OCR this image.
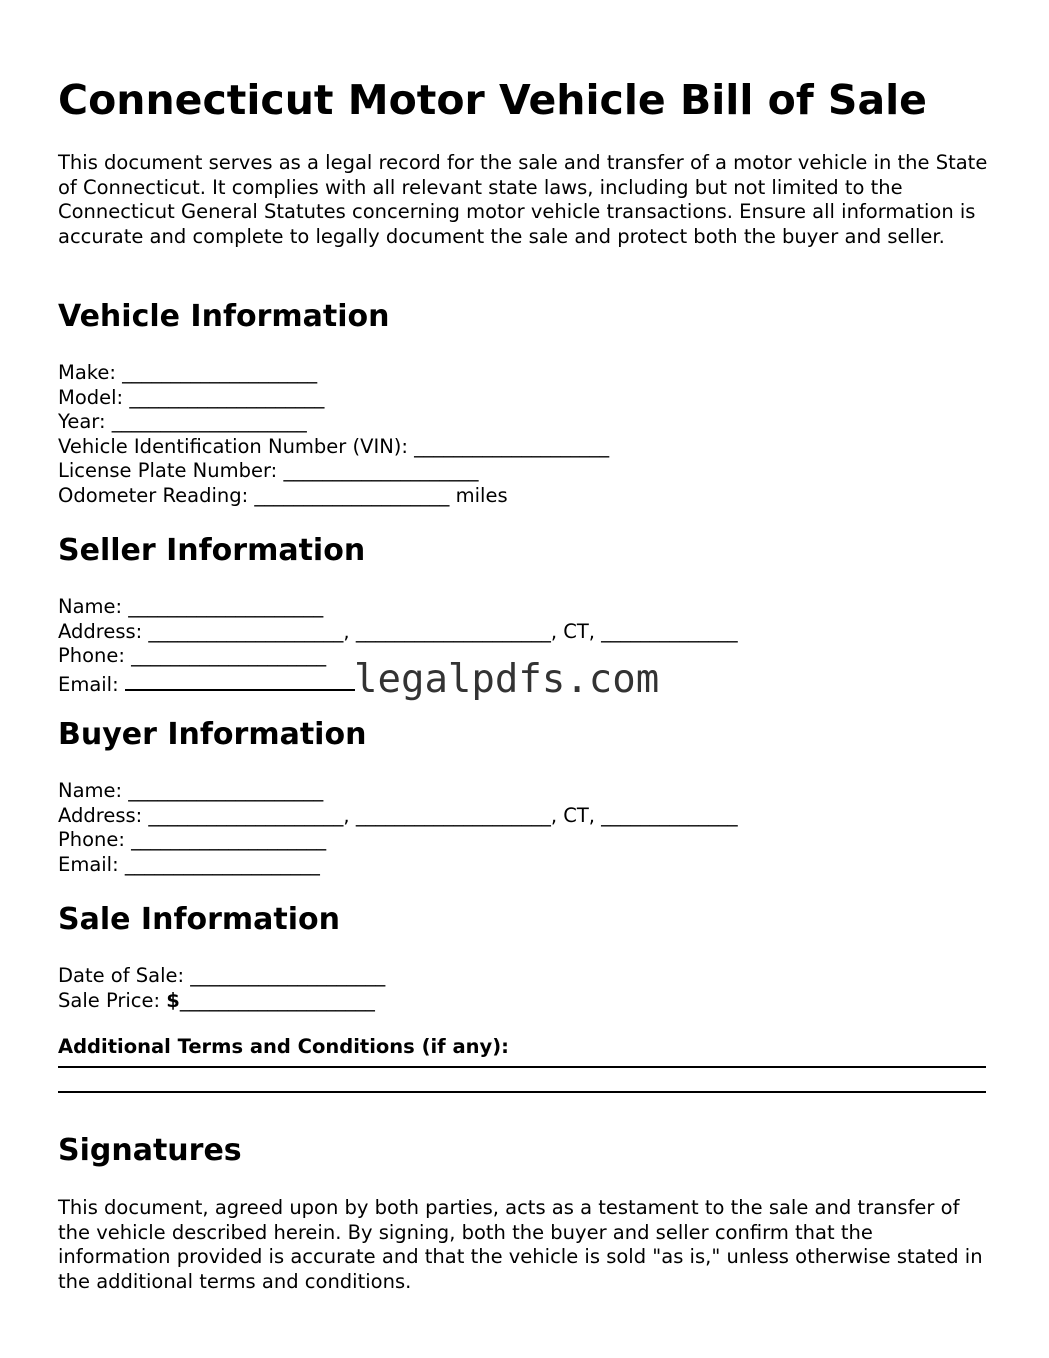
Connecticut Motor Vehicle Bill of Sale

This document serves as a legal record for the sale and transfer of a motor vehicle in the State of Connecticut. It complies with all relevant state laws, including but not limited to the Connecticut General Statutes concerning motor vehicle transactions. Ensure all information is accurate and complete to legally document the sale and protect both the buyer and seller.

Vehicle Information
Make: ____________________
Model: ____________________
Year: ____________________
Vehicle Identification Number (VIN): ____________________
License Plate Number: ____________________
Odometer Reading: ____________________ miles
Seller Information
Name: ____________________
Address: ____________________, ____________________, CT, ______________
Phone: ____________________
Email:
Buyer Information
Name: ____________________
Address: ____________________, ____________________, CT, ______________
Phone: ____________________
Email: ____________________
Sale Information
Date of Sale: ____________________
Sale Price: $____________________
Additional Terms and Conditions (if any):
Signatures

This document, agreed upon by both parties, acts as a testament to the sale and transfer of the vehicle described herein. By signing, both the buyer and seller confirm that the information provided is accurate and that the vehicle is sold "as is," unless otherwise stated in the additional terms and conditions.

legalpdfs.com
